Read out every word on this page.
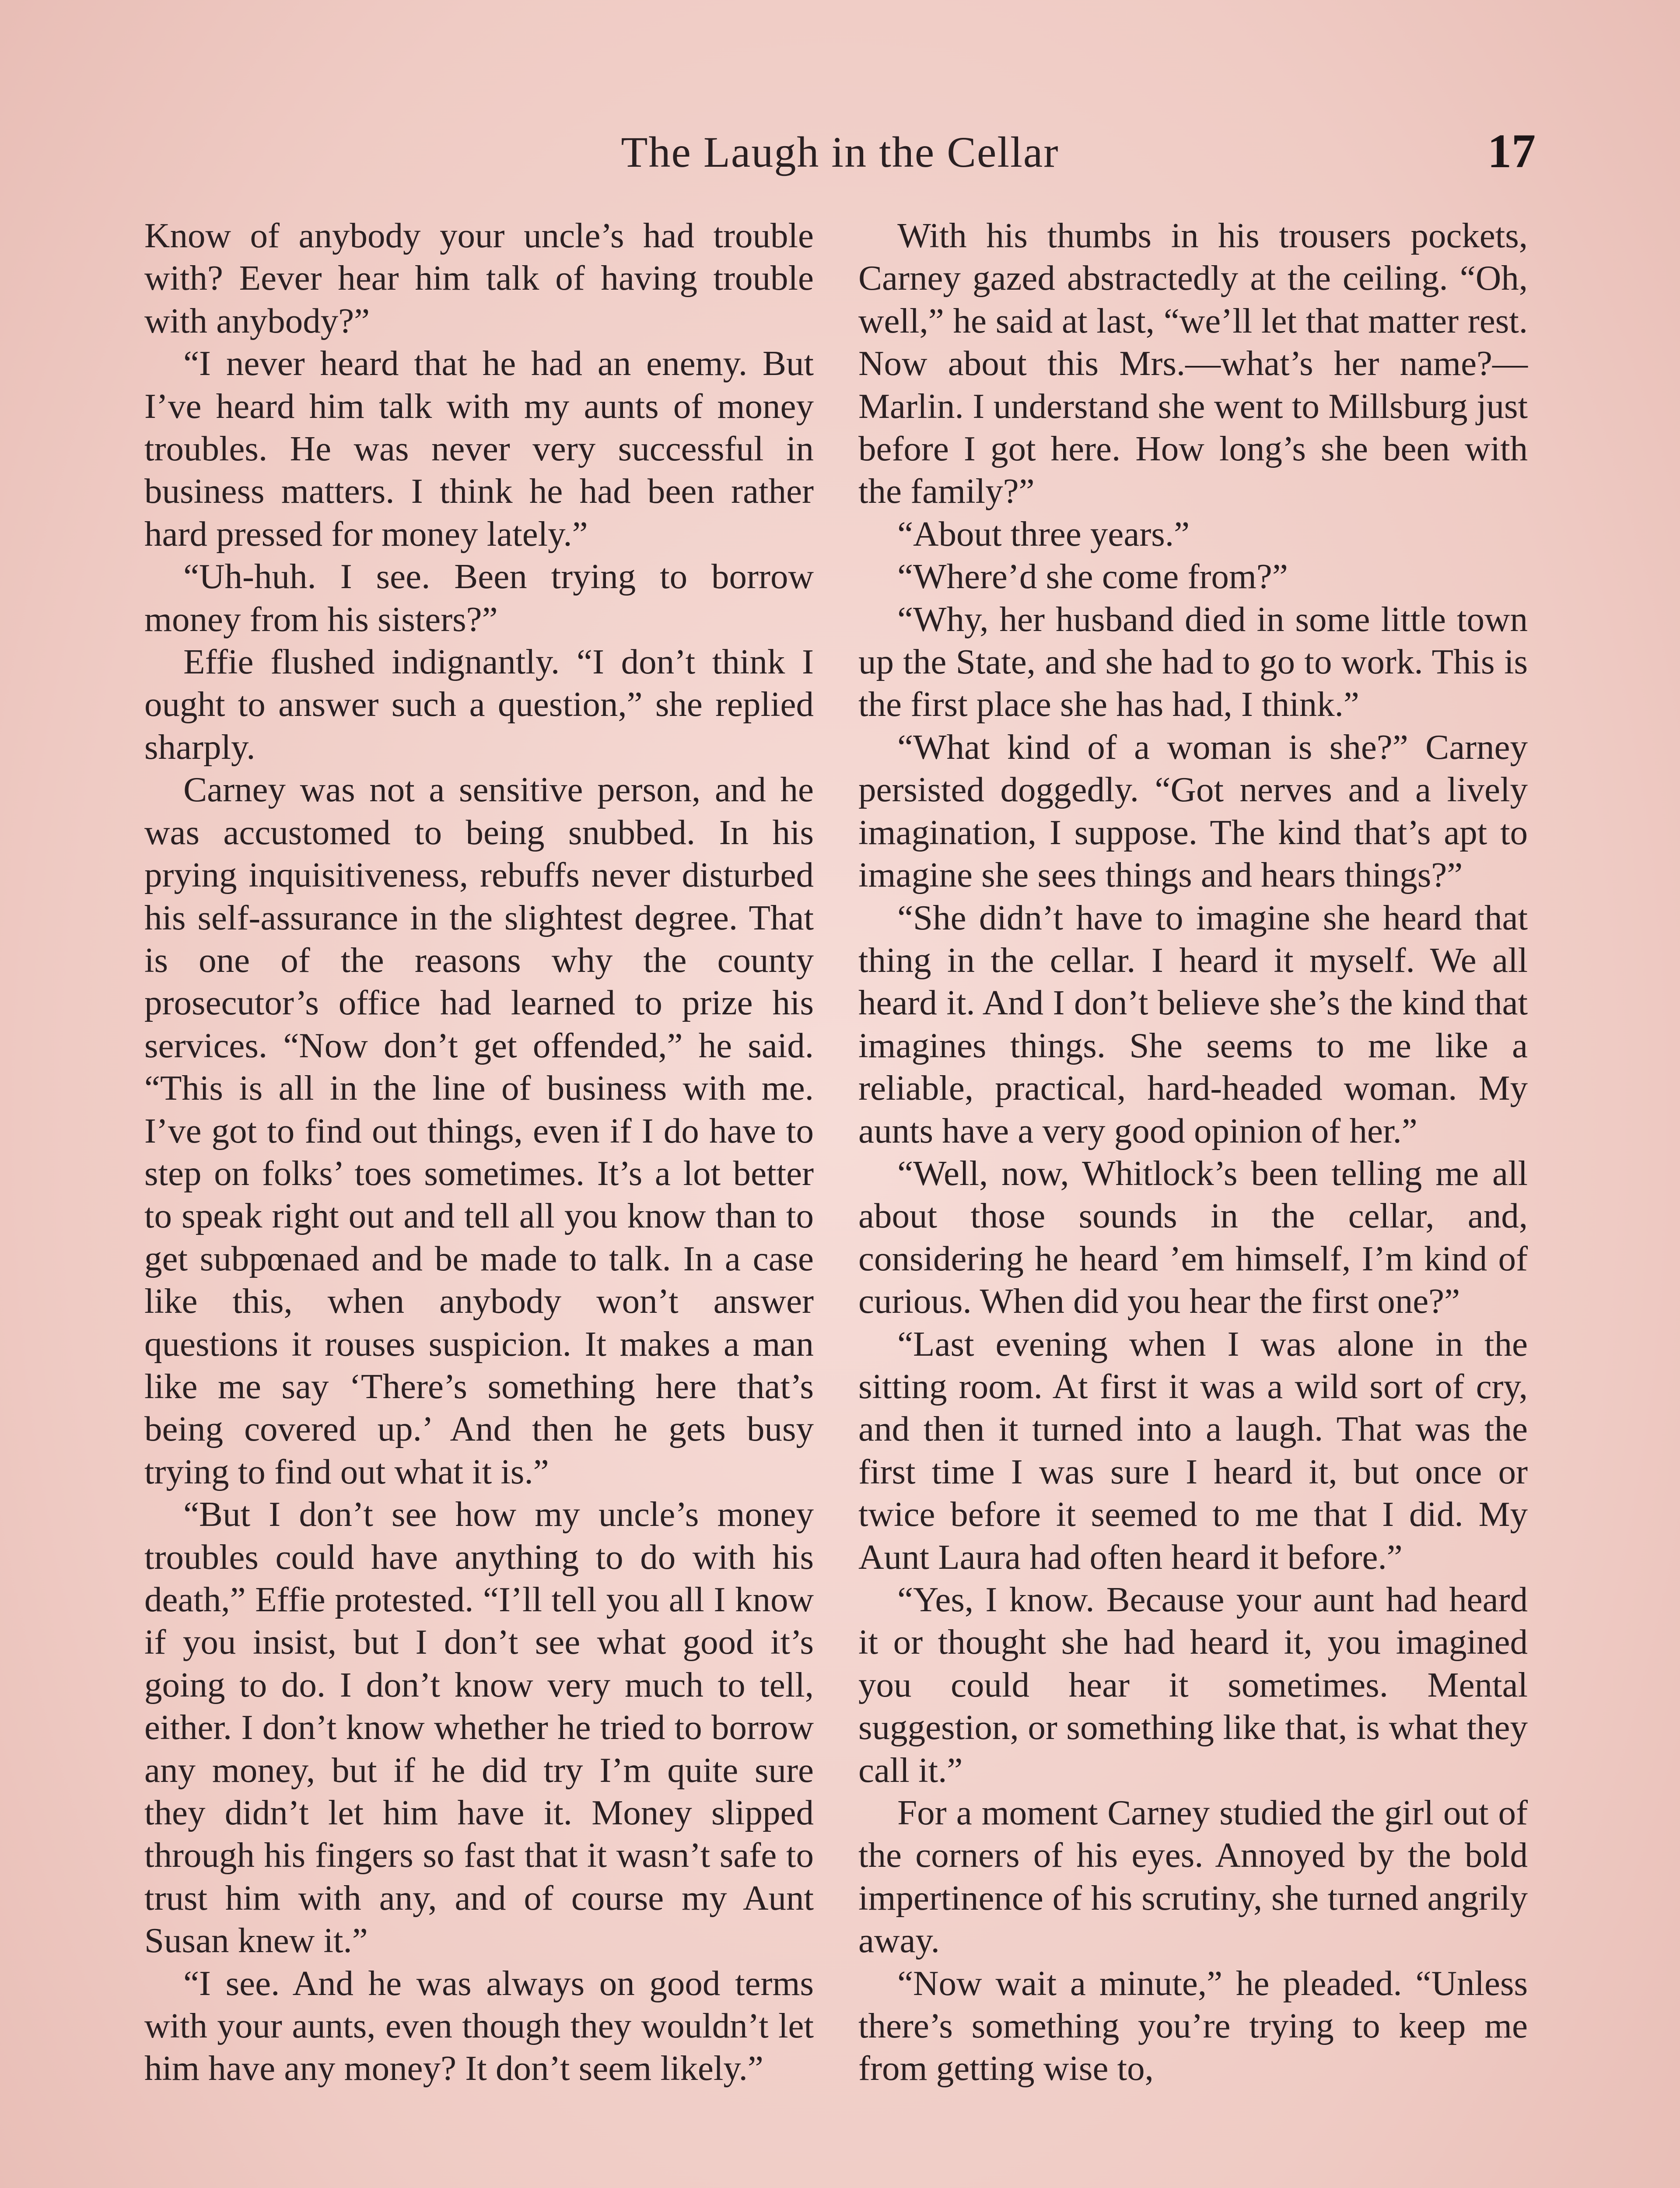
The Laugh in the Cellar	17

Know of anybody your uncle’s had trouble with? Eever hear him talk of having trouble with anybody?”

“I never heard that he had an enemy. But I’ve heard him talk with my aunts of money troubles. He was never very successful in business matters. I think he had been rather hard pressed for money lately.”

“Uh-huh. I see. Been trying to borrow money from his sisters?”

Effie flushed indignantly. “I don’t think I ought to answer such a question,” she replied sharply.

Carney was not a sensitive person, and he was accustomed to being snubbed. In his prying inquisitiveness, rebuffs never disturbed his self-assurance in the slightest degree. That is one of the reasons why the county prosecutor’s office had learned to prize his services. “Now don’t get offended,” he said. “This is all in the line of business with me. I’ve got to find out things, even if I do have to step on folks’ toes sometimes. It’s a lot better to speak right out and tell all you know than to get subpœnaed and be made to talk. In a case like this, when anybody won’t answer questions it rouses suspicion. It makes a man like me say ‘There’s something here that’s being covered up.’ And then he gets busy trying to find out what it is.”

“But I don’t see how my uncle’s money troubles could have anything to do with his death,” Effie protested. “I’ll tell you all I know if you insist, but I don’t see what good it’s going to do. I don’t know very much to tell, either. I don’t know whether he tried to borrow any money, but if he did try I’m quite sure they didn’t let him have it. Money slipped through his fingers so fast that it wasn’t safe to trust him with any, and of course my Aunt Susan knew it.”

“I see. And he was always on good terms with your aunts, even though they wouldn’t let him have any money? It don’t seem likely.”

With his thumbs in his trousers pockets, Carney gazed abstractedly at the ceiling. “Oh, well,” he said at last, “we’ll let that matter rest. Now about this Mrs.—what’s her name?—Marlin. I understand she went to Millsburg just before I got here. How long’s she been with the family?”

“About three years.”

“Where’d she come from?”

“Why, her husband died in some little town up the State, and she had to go to work. This is the first place she has had, I think.”

“What kind of a woman is she?” Carney persisted doggedly. “Got nerves and a lively imagination, I suppose. The kind that’s apt to imagine she sees things and hears things?”

“She didn’t have to imagine she heard that thing in the cellar. I heard it myself. We all heard it. And I don’t believe she’s the kind that imagines things. She seems to me like a reliable, practical, hard-headed woman. My aunts have a very good opinion of her.”

“Well, now, Whitlock’s been telling me all about those sounds in the cellar, and, considering he heard ’em himself, I’m kind of curious. When did you hear the first one?”

“Last evening when I was alone in the sitting room. At first it was a wild sort of cry, and then it turned into a laugh. That was the first time I was sure I heard it, but once or twice before it seemed to me that I did. My Aunt Laura had often heard it before.”

“Yes, I know. Because your aunt had heard it or thought she had heard it, you imagined you could hear it sometimes. Mental suggestion, or something like that, is what they call it.”

For a moment Carney studied the girl out of the corners of his eyes. Annoyed by the bold impertinence of his scrutiny, she turned angrily away.

“Now wait a minute,” he pleaded. “Unless there’s something you’re trying to keep me from getting wise to,
